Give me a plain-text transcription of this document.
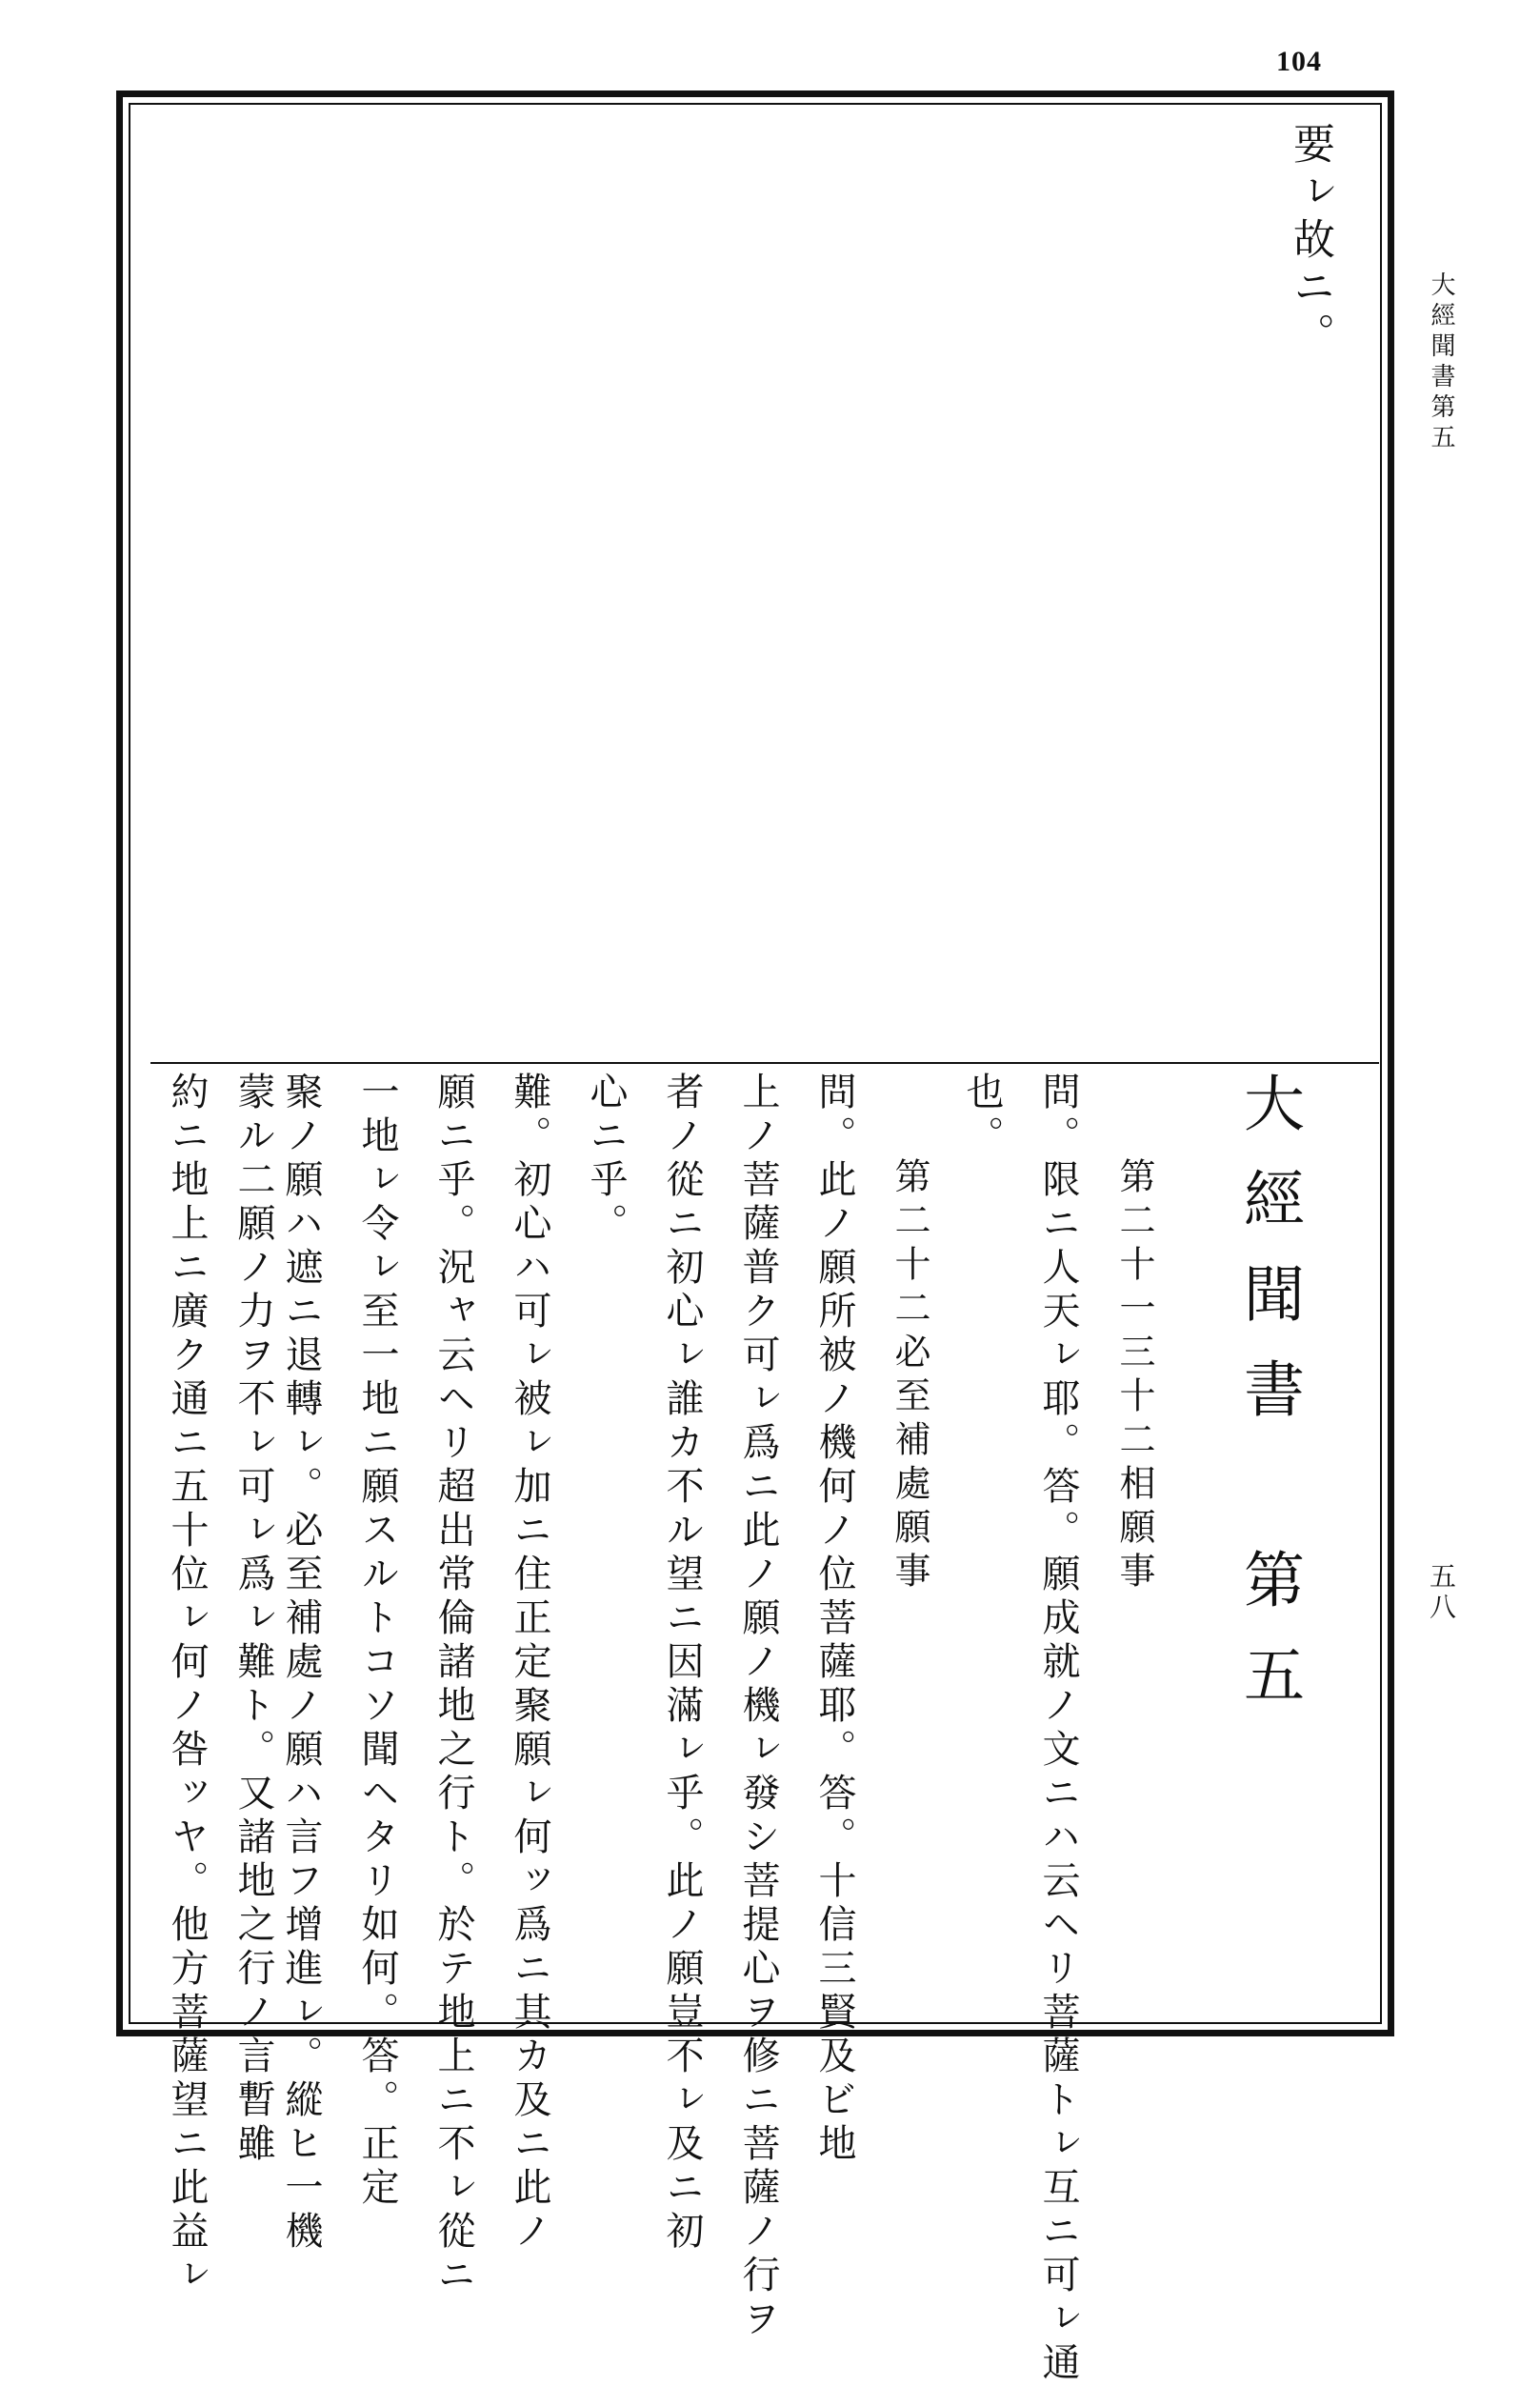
104
要ㇾ故ニ。
大經聞書　第五
第二十一三十二相願事
問。限ニ人天ㇾ耶。答。願成就ノ文ニハ云ヘリ菩薩トㇾ互ニ可ㇾ通
也。
第二十二必至補處願事
問。此ノ願所被ノ機何ノ位菩薩耶。答。十信三賢及ビ地
上ノ菩薩普ク可ㇾ爲ニ此ノ願ノ機ㇾ發シ菩提心ヲ修ニ菩薩ノ行ヲ
者ノ從ニ初心ㇾ誰カ不ル望ニ因滿ㇾ乎。此ノ願豈不ㇾ及ニ初
心ニ乎。
難。初心ハ可ㇾ被ㇾ加ニ住正定聚願ㇾ何ッ爲ニ其カ及ニ此ノ
願ニ乎。況ャ云ヘリ超出常倫諸地之行ト。於テ地上ニ不ㇾ從ニ
一地ㇾ令ㇾ至一地ニ願スルトコソ聞ヘタリ如何。答。正定
聚ノ願ハ遮ニ退轉ㇾ。必至補處ノ願ハ言フ增進ㇾ。縱ヒ一機
蒙ル二願ノ力ヲ不ㇾ可ㇾ爲ㇾ難ト。又諸地之行ノ言暫雖
約ニ地上ニ廣ク通ニ五十位ㇾ何ノ咎ッヤ。他方菩薩望ニ此益ㇾ
大經聞書第五
五八
